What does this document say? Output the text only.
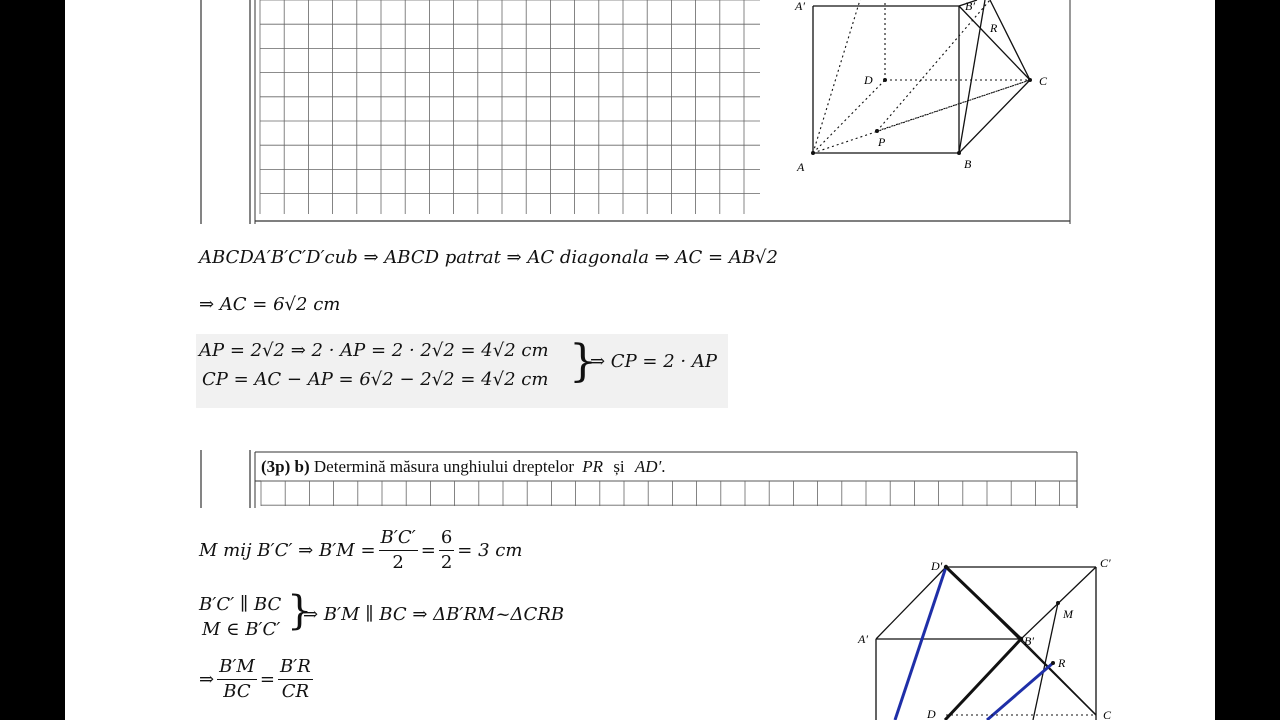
A′	B′
R
D	C
P
A	B
ABCDA′B′C′D′cub ⇒ ABCD patrat ⇒ AC diagonala ⇒ AC = AB√2
⇒ AC = 6√2 cm
AP = 2√2 ⇒ 2 · AP = 2 · 2√2 = 4√2 cm
CP = AC − AP = 6√2 − 2√2 = 4√2 cm }
⇒ CP = 2 · AP
(3p) b) Determină măsura unghiului dreptelor PR și AD′.
M mij B′C′ ⇒ $B'M = \frac{B'C'}{2} = \frac{6}{2} = 3$ cm
B′C′ ∥ BC
M ∈ B′C′ }
⇒ B′M ∥ BC ⇒ ΔB′RM~ΔCRB
⇒ $\frac{B'M}{BC} = \frac{B'R}{CR}$
D′	C′
M
A′	B′
R
D	C
